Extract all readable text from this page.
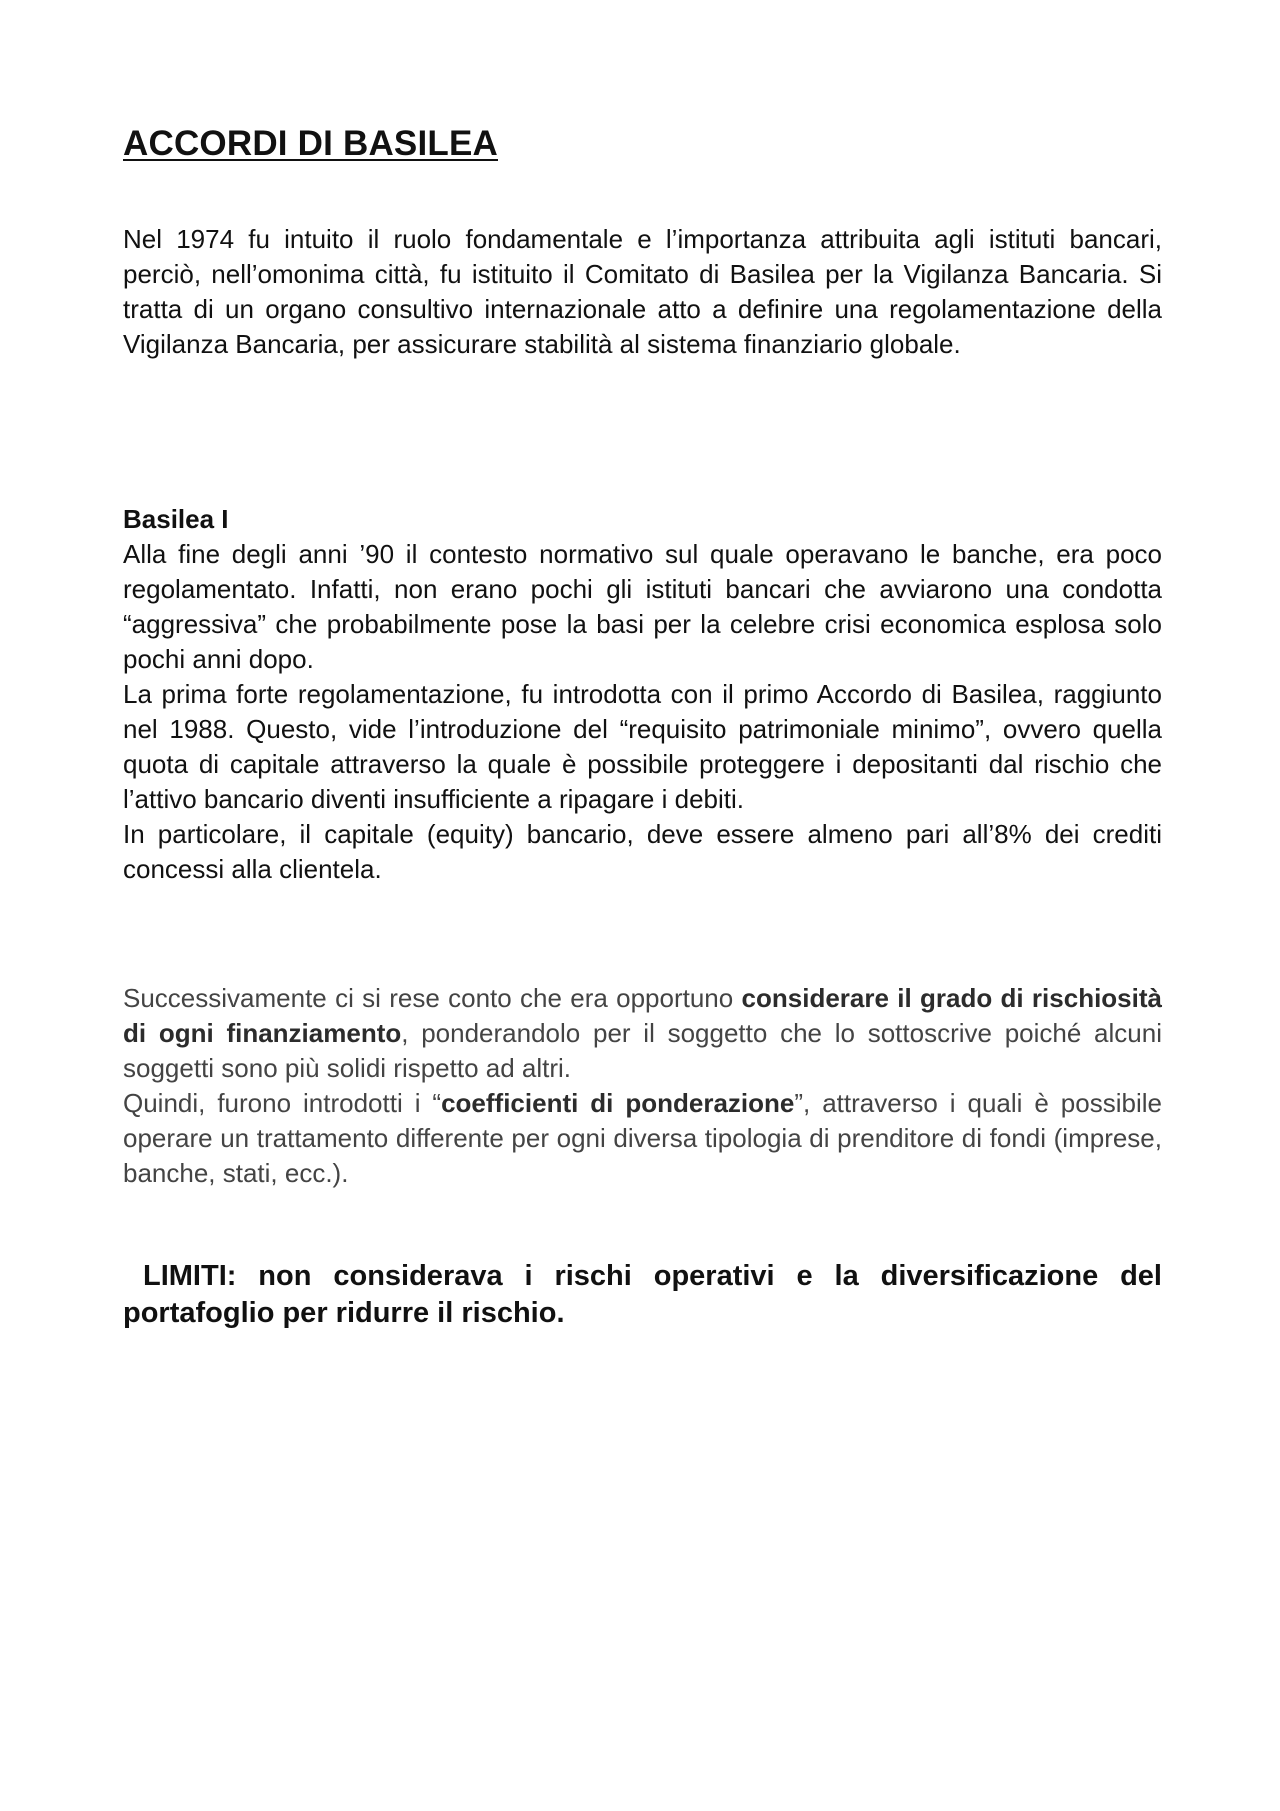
ACCORDI DI BASILEA

Nel 1974 fu intuito il ruolo fondamentale e l’importanza attribuita agli istituti bancari, perciò, nell’omonima città, fu istituito il Comitato di Basilea per la Vigilanza Bancaria. Si tratta di un organo consultivo internazionale atto a definire una regolamentazione della Vigilanza Bancaria, per assicurare stabilità al sistema finanziario globale.

Basilea I
Alla fine degli anni ’90 il contesto normativo sul quale operavano le banche, era poco regolamentato. Infatti, non erano pochi gli istituti bancari che avviarono una condotta “aggressiva” che probabilmente pose la basi per la celebre crisi economica esplosa solo pochi anni dopo.
La prima forte regolamentazione, fu introdotta con il primo Accordo di Basilea, raggiunto nel 1988. Questo, vide l’introduzione del “requisito patrimoniale minimo”, ovvero quella quota di capitale attraverso la quale è possibile proteggere i depositanti dal rischio che l’attivo bancario diventi insufficiente a ripagare i debiti.
In particolare, il capitale (equity) bancario, deve essere almeno pari all’8% dei crediti concessi alla clientela.
Successivamente ci si rese conto che era opportuno considerare il grado di rischiosità di ogni finanziamento, ponderandolo per il soggetto che lo sottoscrive poiché alcuni soggetti sono più solidi rispetto ad altri.
Quindi, furono introdotti i “coefficienti di ponderazione”, attraverso i quali è possibile operare un trattamento differente per ogni diversa tipologia di prenditore di fondi (imprese, banche, stati, ecc.).

LIMITI: non considerava i rischi operativi e la diversificazione del portafoglio per ridurre il rischio.
